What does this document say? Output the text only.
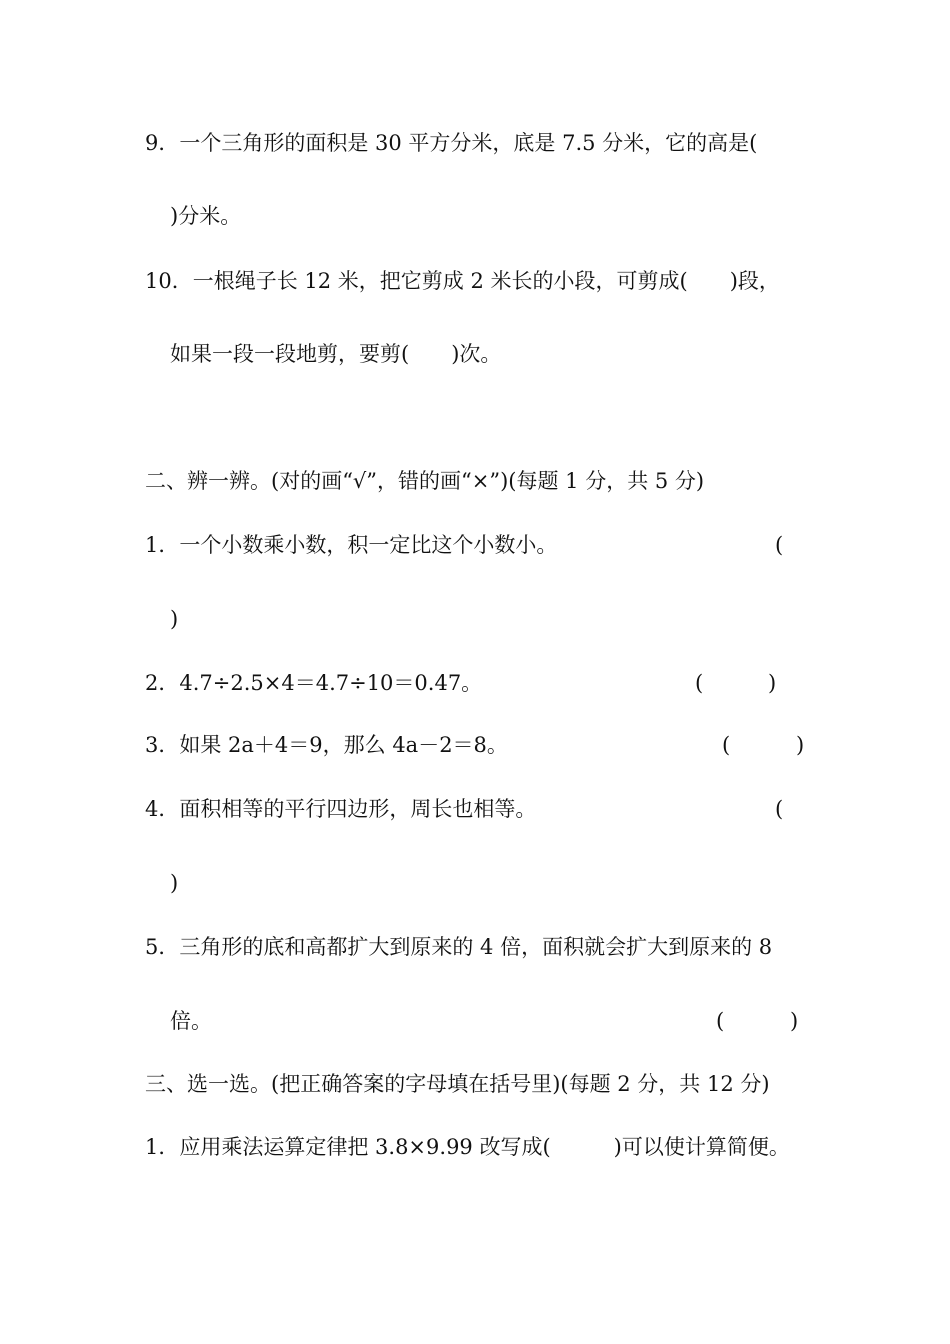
9．一个三角形的面积是 30 平方分米，底是 7.5 分米，它的高是(
)分米。
10．一根绳子长 12 米，把它剪成 2 米长的小段，可剪成(　　)段，
如果一段一段地剪，要剪(　　)次。
二、辨一辨。(对的画“√”，错的画“×”)(每题 1 分，共 5 分)
1．一个小数乘小数，积一定比这个小数小。	(
)
2．4.7÷2.5×4＝4.7÷10＝0.47。	(	)
3．如果 2a＋4＝9，那么 4a－2＝8。	(	)
4．面积相等的平行四边形，周长也相等。	(
)
5．三角形的底和高都扩大到原来的 4 倍，面积就会扩大到原来的 8
倍。	(	)
三、选一选。(把正确答案的字母填在括号里)(每题 2 分，共 12 分)
1．应用乘法运算定律把 3.8×9.99 改写成(　　　)可以使计算简便。
